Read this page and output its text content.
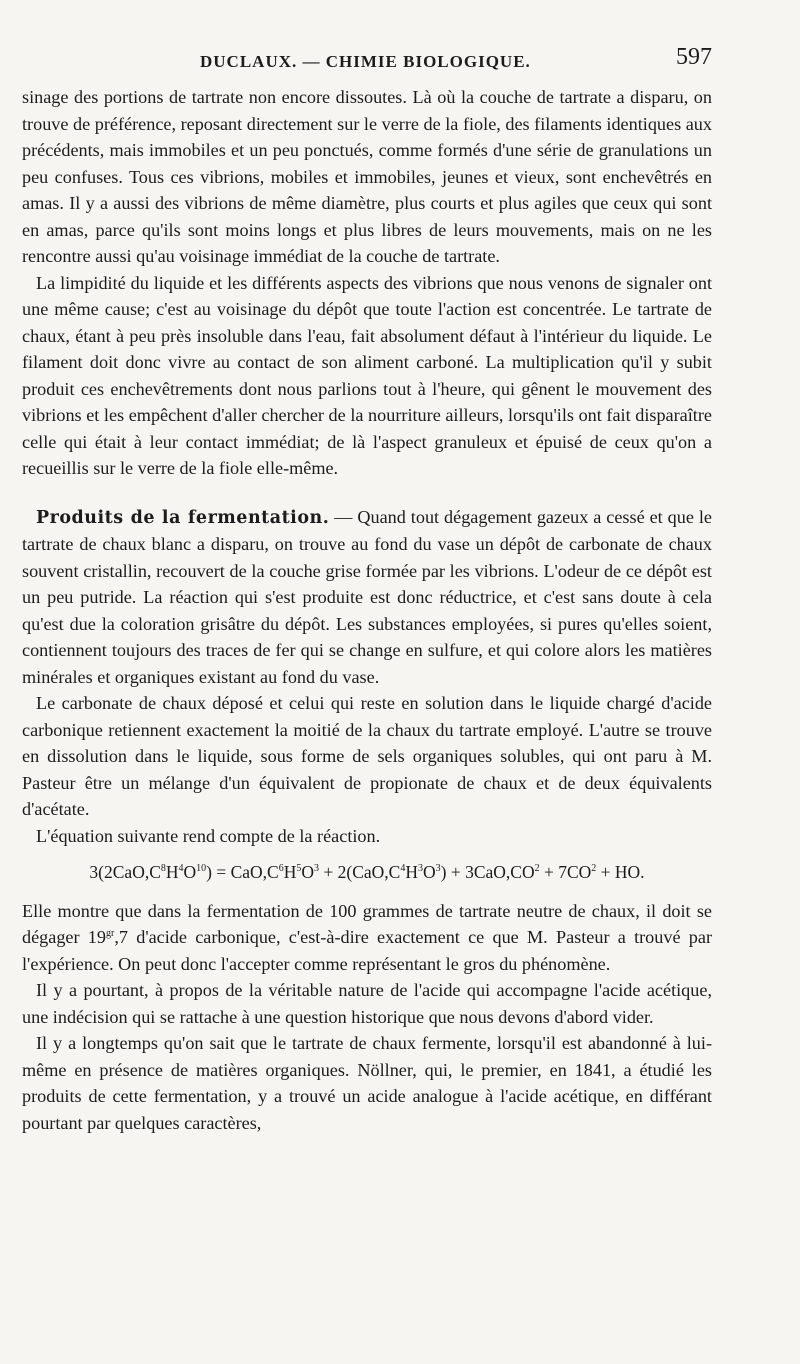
DUCLAUX. — CHIMIE BIOLOGIQUE.	597

sinage des portions de tartrate non encore dissoutes. Là où la couche de tartrate a disparu, on trouve de préférence, reposant directement sur le verre de la fiole, des filaments identiques aux précédents, mais immobiles et un peu ponctués, comme formés d'une série de granulations un peu confuses. Tous ces vibrions, mobiles et immobiles, jeunes et vieux, sont enchevêtrés en amas. Il y a aussi des vibrions de même diamètre, plus courts et plus agiles que ceux qui sont en amas, parce qu'ils sont moins longs et plus libres de leurs mouvements, mais on ne les rencontre aussi qu'au voisinage immédiat de la couche de tartrate.

La limpidité du liquide et les différents aspects des vibrions que nous venons de signaler ont une même cause; c'est au voisinage du dépôt que toute l'action est concentrée. Le tartrate de chaux, étant à peu près insoluble dans l'eau, fait absolument défaut à l'intérieur du liquide. Le filament doit donc vivre au contact de son aliment carboné. La multiplication qu'il y subit produit ces enchevêtrements dont nous parlions tout à l'heure, qui gênent le mouvement des vibrions et les empêchent d'aller chercher de la nourriture ailleurs, lorsqu'ils ont fait disparaître celle qui était à leur contact immédiat; de là l'aspect granuleux et épuisé de ceux qu'on a recueillis sur le verre de la fiole elle-même.

Produits de la fermentation. — Quand tout dégagement gazeux a cessé et que le tartrate de chaux blanc a disparu, on trouve au fond du vase un dépôt de carbonate de chaux souvent cristallin, recouvert de la couche grise formée par les vibrions. L'odeur de ce dépôt est un peu putride. La réaction qui s'est produite est donc réductrice, et c'est sans doute à cela qu'est due la coloration grisâtre du dépôt. Les substances employées, si pures qu'elles soient, contiennent toujours des traces de fer qui se change en sulfure, et qui colore alors les matières minérales et organiques existant au fond du vase.

Le carbonate de chaux déposé et celui qui reste en solution dans le liquide chargé d'acide carbonique retiennent exactement la moitié de la chaux du tartrate employé. L'autre se trouve en dissolution dans le liquide, sous forme de sels organiques solubles, qui ont paru à M. Pasteur être un mélange d'un équivalent de propionate de chaux et de deux équivalents d'acétate.

L'équation suivante rend compte de la réaction.

$3(2CaO,C^8H^4O^{10}) = CaO,C^6H^5O^3 + 2(CaO,C^4H^3O^3) + 3CaO,CO^2 + 7CO^2$ + HO.

Elle montre que dans la fermentation de 100 grammes de tartrate neutre de chaux, il doit se dégager $19^{gr},7$ d'acide carbonique, c'est-à-dire exactement ce que M. Pasteur a trouvé par l'expérience. On peut donc l'accepter comme représentant le gros du phénomène.

Il y a pourtant, à propos de la véritable nature de l'acide qui accompagne l'acide acétique, une indécision qui se rattache à une question historique que nous devons d'abord vider.

Il y a longtemps qu'on sait que le tartrate de chaux fermente, lorsqu'il est abandonné à lui-même en présence de matières organiques. Nöllner, qui, le premier, en 1841, a étudié les produits de cette fermentation, y a trouvé un acide analogue à l'acide acétique, en différant pourtant par quelques caractères,
